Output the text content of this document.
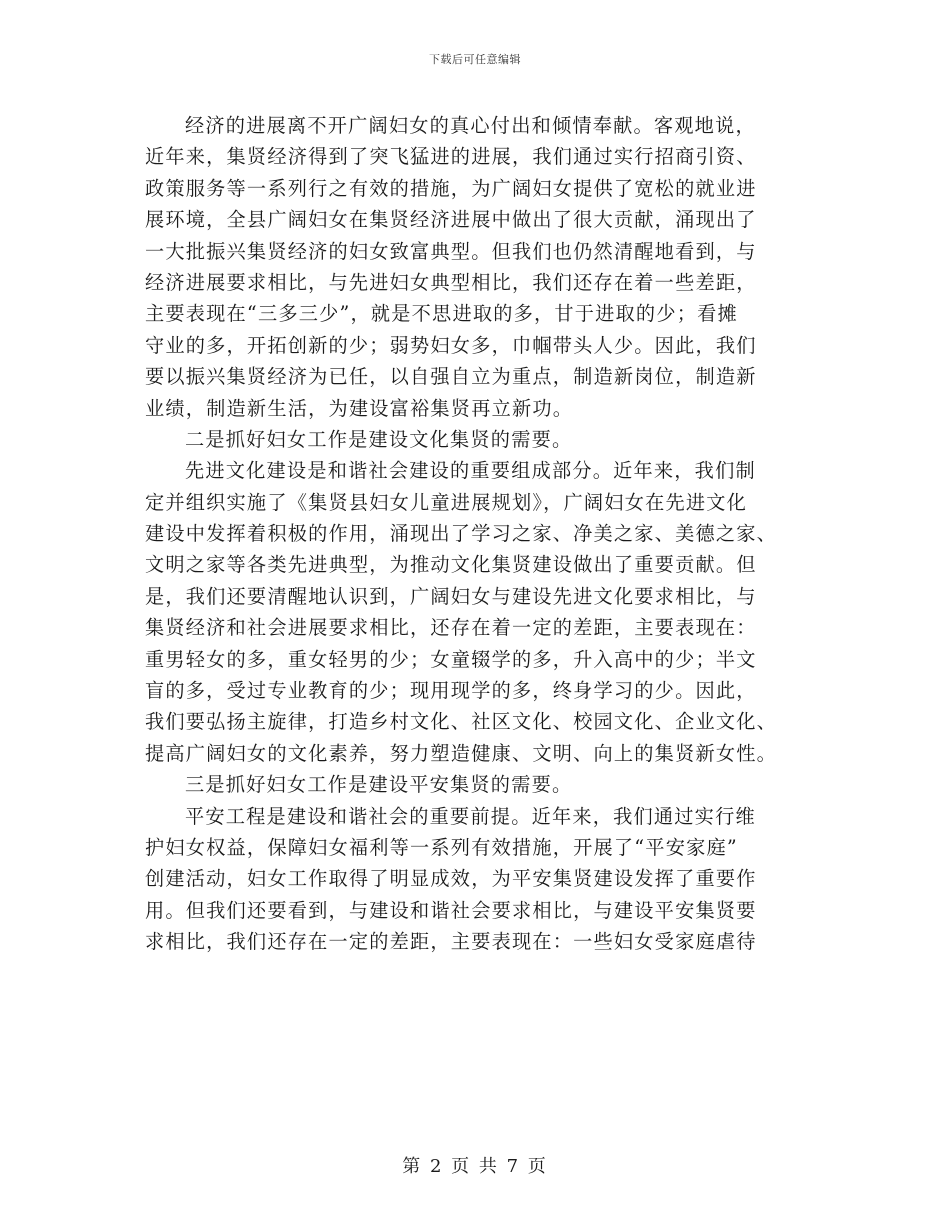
下载后可任意编辑
经济的进展离不开广阔妇女的真心付出和倾情奉献。客观地说，
近年来，集贤经济得到了突飞猛进的进展，我们通过实行招商引资、
政策服务等一系列行之有效的措施，为广阔妇女提供了宽松的就业进
展环境，全县广阔妇女在集贤经济进展中做出了很大贡献，涌现出了
一大批振兴集贤经济的妇女致富典型。但我们也仍然清醒地看到，与
经济进展要求相比，与先进妇女典型相比，我们还存在着一些差距，
主要表现在“三多三少”，就是不思进取的多，甘于进取的少；看摊
守业的多，开拓创新的少；弱势妇女多，巾帼带头人少。因此，我们
要以振兴集贤经济为已任，以自强自立为重点，制造新岗位，制造新
业绩，制造新生活，为建设富裕集贤再立新功。
二是抓好妇女工作是建设文化集贤的需要。
先进文化建设是和谐社会建设的重要组成部分。近年来，我们制
定并组织实施了《集贤县妇女儿童进展规划》，广阔妇女在先进文化
建设中发挥着积极的作用，涌现出了学习之家、净美之家、美德之家、
文明之家等各类先进典型，为推动文化集贤建设做出了重要贡献。但
是，我们还要清醒地认识到，广阔妇女与建设先进文化要求相比，与
集贤经济和社会进展要求相比，还存在着一定的差距，主要表现在：
重男轻女的多，重女轻男的少；女童辍学的多，升入高中的少；半文
盲的多，受过专业教育的少；现用现学的多，终身学习的少。因此，
我们要弘扬主旋律，打造乡村文化、社区文化、校园文化、企业文化、
提高广阔妇女的文化素养，努力塑造健康、文明、向上的集贤新女性。
三是抓好妇女工作是建设平安集贤的需要。
平安工程是建设和谐社会的重要前提。近年来，我们通过实行维
护妇女权益，保障妇女福利等一系列有效措施，开展了“平安家庭”
创建活动，妇女工作取得了明显成效，为平安集贤建设发挥了重要作
用。但我们还要看到，与建设和谐社会要求相比，与建设平安集贤要
求相比，我们还存在一定的差距，主要表现在：一些妇女受家庭虐待
第 2 页 共 7 页
